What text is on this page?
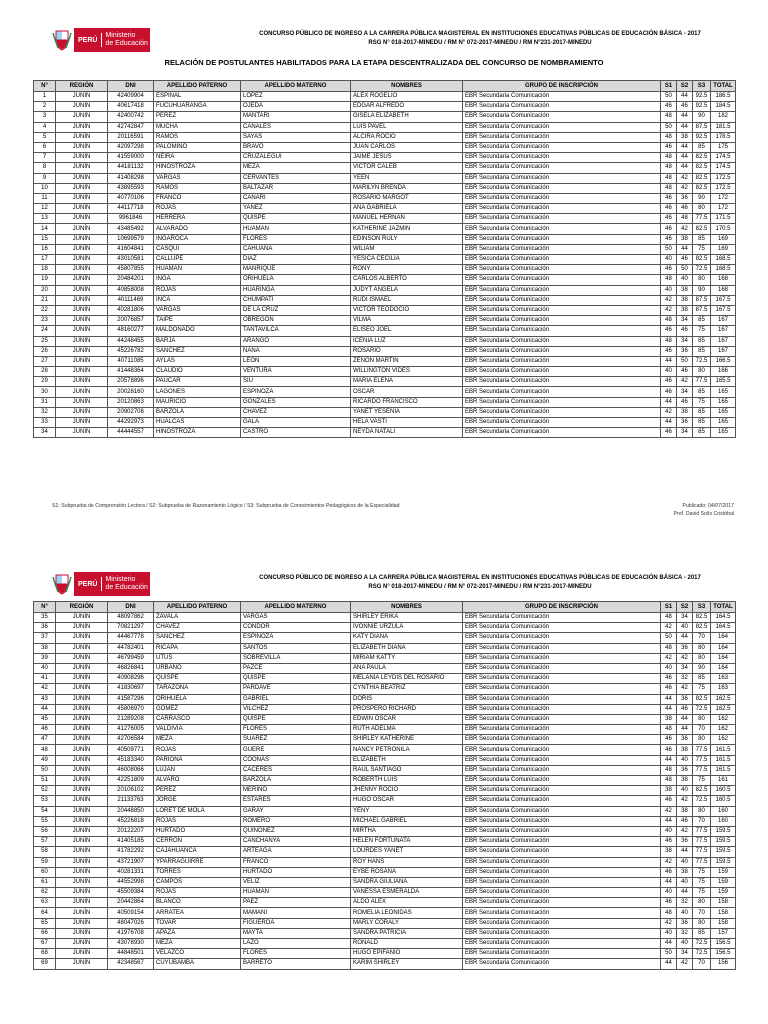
PERÚ
Ministerio
de Educación
CONCURSO PÚBLICO DE INGRESO A LA CARRERA PÚBLICA MAGISTERIAL EN INSTITUCIONES EDUCATIVAS PÚBLICAS DE EDUCACIÓN BÁSICA - 2017
RSG N° 018-2017-MINEDU / RM N° 072-2017-MINEDU / RM N°231-2017-MINEDU
RELACIÓN DE POSTULANTES HABILITADOS PARA LA ETAPA DESCENTRALIZADA DEL CONCURSO DE NOMBRAMIENTO
N°	REGIÓN	DNI	APELLIDO PATERNO	APELLIDO MATERNO	NOMBRES	GRUPO DE INSCRIPCIÓN	S1	S2	S3	TOTAL
1	JUNÍN	42409904	ESPINAL	LOPEZ	ALEX ROGELIO	EBR Secundaria Comunicación	50	44	92.5	186.5
2	JUNÍN	40617418	FUCUHUARANGA	OJEDA	EDGAR ALFREDO	EBR Secundaria Comunicación	46	46	92.5	184.5
3	JUNÍN	42400742	PEREZ	MANTARI	GISELA ELIZABETH	EBR Secundaria Comunicación	48	44	90	182
4	JUNÍN	42742847	MUCHA	CANALES	LUIS PAVEL	EBR Secundaria Comunicación	50	44	87.5	181.5
5	JUNÍN	20116591	RAMOS	SAYAS	ALCIRA ROCIO	EBR Secundaria Comunicación	48	38	92.5	178.5
6	JUNÍN	42097298	PALOMINO	BRAVO	JUAN CARLOS	EBR Secundaria Comunicación	46	44	85	175
7	JUNÍN	41559000	NEIRA	CRUZALEGUI	JAIME JESUS	EBR Secundaria Comunicación	48	44	82.5	174.5
8	JUNÍN	44181132	HINOSTROZA	MEZA	VICTOR CALEB	EBR Secundaria Comunicación	48	44	82.5	174.5
9	JUNÍN	41408298	VARGAS	CERVANTES	YEEN	EBR Secundaria Comunicación	48	42	82.5	172.5
10	JUNÍN	43895593	RAMOS	BALTAZAR	MARILYN BRENDA	EBR Secundaria Comunicación	48	42	82.5	172.5
11	JUNÍN	40770106	FRANCO	CAÑARI	ROSARIO MARGOT	EBR Secundaria Comunicación	46	36	90	172
12	JUNÍN	44117718	ROJAS	YAÑEZ	ANA GABRIELA	EBR Secundaria Comunicación	46	46	80	172
13	JUNÍN	9961846	HERRERA	QUISPE	MANUEL HERNAN	EBR Secundaria Comunicación	46	48	77.5	171.5
14	JUNÍN	43485492	ALVARADO	HUAMAN	KATHERINE JAZMIN	EBR Secundaria Comunicación	46	42	82.5	170.5
15	JUNÍN	10699579	INGAROCA	FLORES	EDINSON RULY	EBR Secundaria Comunicación	46	38	85	169
16	JUNÍN	41604841	CASQUI	CAHUANA	WILIAM	EBR Secundaria Comunicación	50	44	75	169
17	JUNÍN	43010581	CALLUPE	DIAZ	YESICA CECILIA	EBR Secundaria Comunicación	40	46	82.5	168.5
18	JUNÍN	45807855	HUAMAN	MANRIQUE	RONY	EBR Secundaria Comunicación	46	50	72.5	168.5
19	JUNÍN	20484201	INGA	ORIHUELA	CARLOS ALBERTO	EBR Secundaria Comunicación	48	40	80	168
20	JUNÍN	40858008	ROJAS	HUARINGA	JUDYT ANGELA	EBR Secundaria Comunicación	40	38	90	168
21	JUNÍN	40111469	INCA	CHUMPATI	RUDI ISMAEL	EBR Secundaria Comunicación	42	38	87.5	167.5
22	JUNÍN	40281806	VARGAS	DE LA CRUZ	VICTOR TEODOCIO	EBR Secundaria Comunicación	42	38	87.5	167.5
23	JUNÍN	20076857	TAIPE	OBREGON	VILMA	EBR Secundaria Comunicación	48	34	85	167
24	JUNÍN	48160277	MALDONADO	TANTAVILCA	ELISEO JOEL	EBR Secundaria Comunicación	46	46	75	167
25	JUNÍN	44248455	BARJA	ARANGO	ICENIA LUZ	EBR Secundaria Comunicación	48	34	85	167
26	JUNÍN	45226782	SANCHEZ	ÑAÑA	ROSARIO	EBR Secundaria Comunicación	46	36	85	167
27	JUNÍN	40711085	AYLAS	LEON	ZENON MARTIN	EBR Secundaria Comunicación	44	50	72.5	166.5
28	JUNÍN	41448364	CLAUDIO	VENTURA	WILLINGTON VIDES	EBR Secundaria Comunicación	40	46	80	166
29	JUNÍN	20578896	PAUCAR	SIU	MARIA ELENA	EBR Secundaria Comunicación	46	42	77.5	165.5
30	JUNÍN	20028160	LAGONES	ESPINOZA	OSCAR	EBR Secundaria Comunicación	46	34	85	165
31	JUNÍN	20120863	MAURICIO	GONZALES	RICARDO FRANCISCO	EBR Secundaria Comunicación	44	46	75	165
32	JUNÍN	20902708	BARZOLA	CHAVEZ	YANET YESENIA	EBR Secundaria Comunicación	42	38	85	165
33	JUNÍN	44292973	HUALCAS	GALA	HELA VASTI	EBR Secundaria Comunicación	44	36	85	165
34	JUNÍN	44444557	HINOSTROZA	CASTRO	NEYDA NATALI	EBR Secundaria Comunicación	46	34	85	165
S1: Subprueba de Comprensión Lectora / S2: Subprueba de Razonamiento Lógico / S3: Subprueba de Conocimientos Pedagógicos de la Especialidad	Publicado: 04/07/2017
Prof. David Solís Cristóbal
PERÚ
Ministerio
de Educación
CONCURSO PÚBLICO DE INGRESO A LA CARRERA PÚBLICA MAGISTERIAL EN INSTITUCIONES EDUCATIVAS PÚBLICAS DE EDUCACIÓN BÁSICA - 2017
RSG N° 018-2017-MINEDU / RM N° 072-2017-MINEDU / RM N°231-2017-MINEDU
N°	REGIÓN	DNI	APELLIDO PATERNO	APELLIDO MATERNO	NOMBRES	GRUPO DE INSCRIPCIÓN	S1	S2	S3	TOTAL
35	JUNÍN	48097862	ZAVALA	VARGAS	SHIRLEY ERIKA	EBR Secundaria Comunicación	48	34	82.5	164.5
36	JUNÍN	70821297	CHAVEZ	CONDOR	IVONNIE URZULA	EBR Secundaria Comunicación	42	40	82.5	164.5
37	JUNÍN	44467778	SANCHEZ	ESPINOZA	KATY DIANA	EBR Secundaria Comunicación	50	44	70	164
38	JUNÍN	44782401	RICAPA	SANTOS	ELIZABETH DIANA	EBR Secundaria Comunicación	48	36	80	164
39	JUNÍN	46799459	UTUS	SOBREVILLA	MIRIAM KATTY	EBR Secundaria Comunicación	42	42	80	164
40	JUNÍN	46826841	URBANO	PAZCE	ANA PAULA	EBR Secundaria Comunicación	40	34	90	164
41	JUNÍN	40908296	QUISPE	QUISPE	MELANIA LEYDIS DEL ROSARIO	EBR Secundaria Comunicación	46	32	85	163
42	JUNÍN	41830697	TARAZONA	PARDAVE	CYNTHIA BEATRIZ	EBR Secundaria Comunicación	46	42	75	163
43	JUNÍN	41587296	ORIHUELA	GABRIEL	DORIS	EBR Secundaria Comunicación	44	36	82.5	162.5
44	JUNÍN	45806970	GOMEZ	VILCHEZ	PROSPERO RICHARD	EBR Secundaria Comunicación	44	46	72.5	162.5
45	JUNÍN	21289208	CARRASCO	QUISPE	EDWIN OSCAR	EBR Secundaria Comunicación	38	44	80	162
46	JUNÍN	41276005	VALDIVIA	FLORES	RUTH ADELMA	EBR Secundaria Comunicación	48	44	70	162
47	JUNÍN	42706584	MEZA	SUAREZ	SHIRLEY KATHERINE	EBR Secundaria Comunicación	46	36	80	162
48	JUNÍN	40509771	ROJAS	GUERE	NANCY PETRONILA	EBR Secundaria Comunicación	46	38	77.5	161.5
49	JUNÍN	45183340	PARIONA	COOÑAS	ELIZABETH	EBR Secundaria Comunicación	44	40	77.5	161.5
50	JUNÍN	46008066	LUJAN	CACERES	RAUL SANTIAGO	EBR Secundaria Comunicación	48	36	77.5	161.5
51	JUNÍN	42251809	ALVARO	BARZOLA	ROBERTH LUIS	EBR Secundaria Comunicación	48	38	75	161
52	JUNÍN	20106102	PEREZ	MERINO	JHENNY ROCIO	EBR Secundaria Comunicación	38	40	82.5	160.5
53	JUNÍN	21133763	JORGE	ESTARES	HUGO OSCAR	EBR Secundaria Comunicación	46	42	72.5	160.5
54	JUNÍN	20448850	LORET DE MOLA	GARAY	YENY	EBR Secundaria Comunicación	42	38	80	160
55	JUNÍN	45226818	ROJAS	ROMERO	MICHAEL GABRIEL	EBR Secundaria Comunicación	44	46	70	160
56	JUNÍN	20122207	HURTADO	QUIÑONEZ	MIRTHA	EBR Secundaria Comunicación	40	42	77.5	159.5
57	JUNÍN	41405185	CERRON	CANCHANYA	HELEN FORTUNATA	EBR Secundaria Comunicación	46	36	77.5	159.5
58	JUNÍN	41782292	CAJAHUANCA	ARTEAGA	LOURDES YANET	EBR Secundaria Comunicación	38	44	77.5	159.5
59	JUNÍN	43721907	YPARRAGUIRRE	FRANCO	ROY HANS	EBR Secundaria Comunicación	42	40	77.5	159.5
60	JUNÍN	40281331	TORRES	HURTADO	EYBE ROSANA	EBR Secundaria Comunicación	46	38	75	159
61	JUNÍN	44552998	CAMPOS	VELIZ	SANDRA GIULIANA	EBR Secundaria Comunicación	44	40	75	159
62	JUNÍN	45509384	ROJAS	HUAMAN	VANESSA ESMERALDA	EBR Secundaria Comunicación	40	44	75	159
63	JUNÍN	20442864	BLANCO	PAEZ	ALDO ALEX	EBR Secundaria Comunicación	46	32	80	158
64	JUNÍN	40509154	ARRATEA	MAMANI	ROMELIA LEONIDAS	EBR Secundaria Comunicación	48	40	70	158
65	JUNÍN	48047026	TOVAR	FIGUEROA	MARLY CORALY	EBR Secundaria Comunicación	42	36	80	158
66	JUNÍN	41976708	APAZA	MAYTA	SANDRA PATRICIA	EBR Secundaria Comunicación	40	32	85	157
67	JUNÍN	43078930	MEZA	LAZO	RONALD	EBR Secundaria Comunicación	44	40	72.5	156.5
68	JUNÍN	44848501	VELAZCO	FLORES	HUGO EPIFANIO	EBR Secundaria Comunicación	50	34	72.5	156.5
69	JUNÍN	42348567	CUYUBAMBA	BARRETO	KARIM SHIRLEY	EBR Secundaria Comunicación	44	42	70	156
